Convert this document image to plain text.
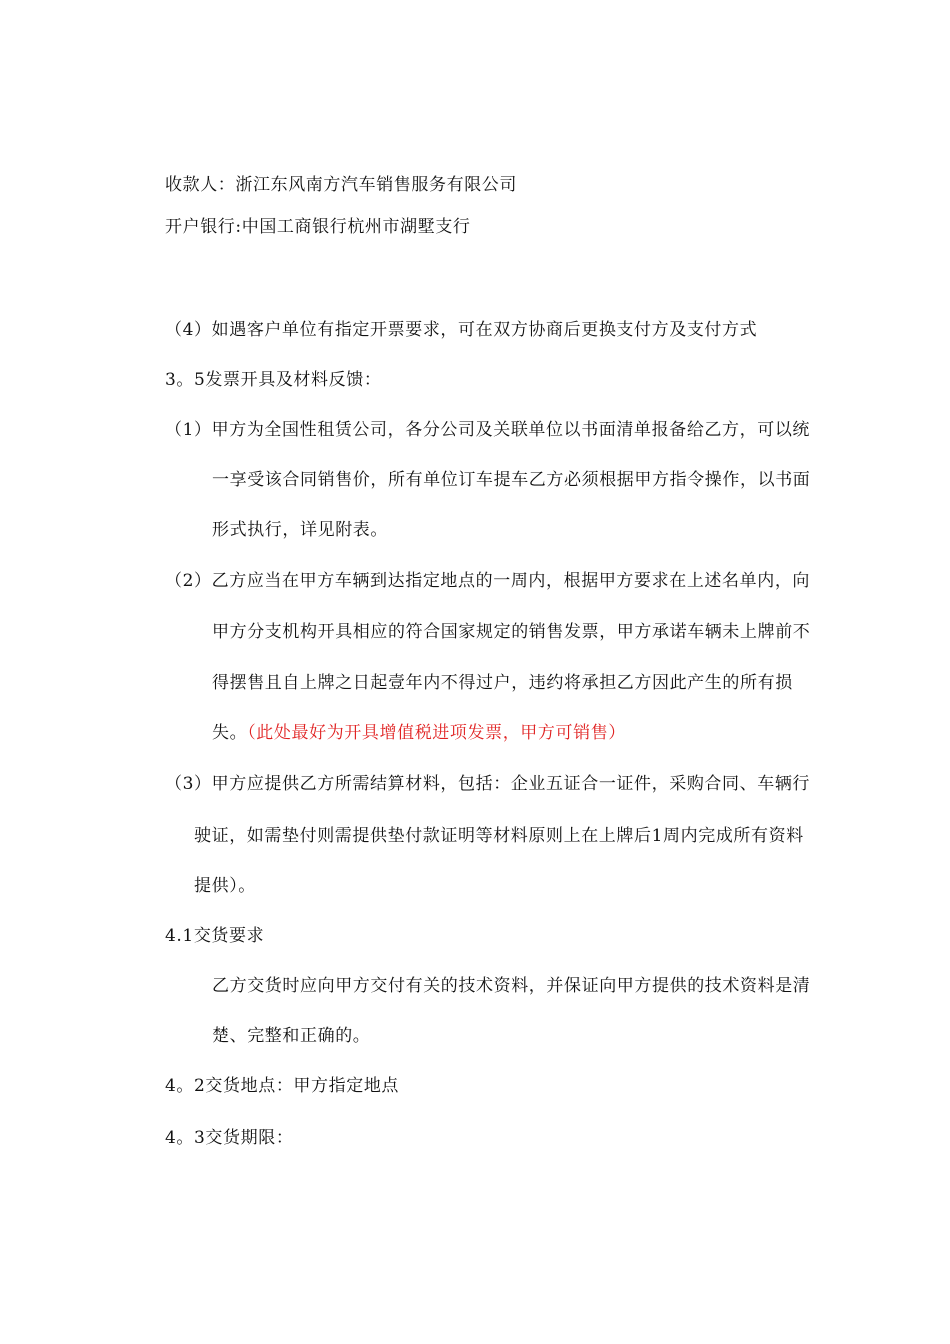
收款人：浙江东风南方汽车销售服务有限公司
开户银行:中国工商银行杭州市湖墅支行
（4）如遇客户单位有指定开票要求，可在双方协商后更换支付方及支付方式
3。5发票开具及材料反馈：
（1）甲方为全国性租赁公司，各分公司及关联单位以书面清单报备给乙方，可以统
一享受该合同销售价，所有单位订车提车乙方必须根据甲方指令操作，以书面
形式执行，详见附表。
（2）乙方应当在甲方车辆到达指定地点的一周内，根据甲方要求在上述名单内，向
甲方分支机构开具相应的符合国家规定的销售发票，甲方承诺车辆未上牌前不
得摆售且自上牌之日起壹年内不得过户，违约将承担乙方因此产生的所有损
失。（此处最好为开具增值税进项发票，甲方可销售）
（3）甲方应提供乙方所需结算材料，包括：企业五证合一证件，采购合同、车辆行
驶证，如需垫付则需提供垫付款证明等材料原则上在上牌后1周内完成所有资料
提供）。
4.1交货要求
乙方交货时应向甲方交付有关的技术资料，并保证向甲方提供的技术资料是清
楚、完整和正确的。
4。2交货地点：甲方指定地点
4。3交货期限：
